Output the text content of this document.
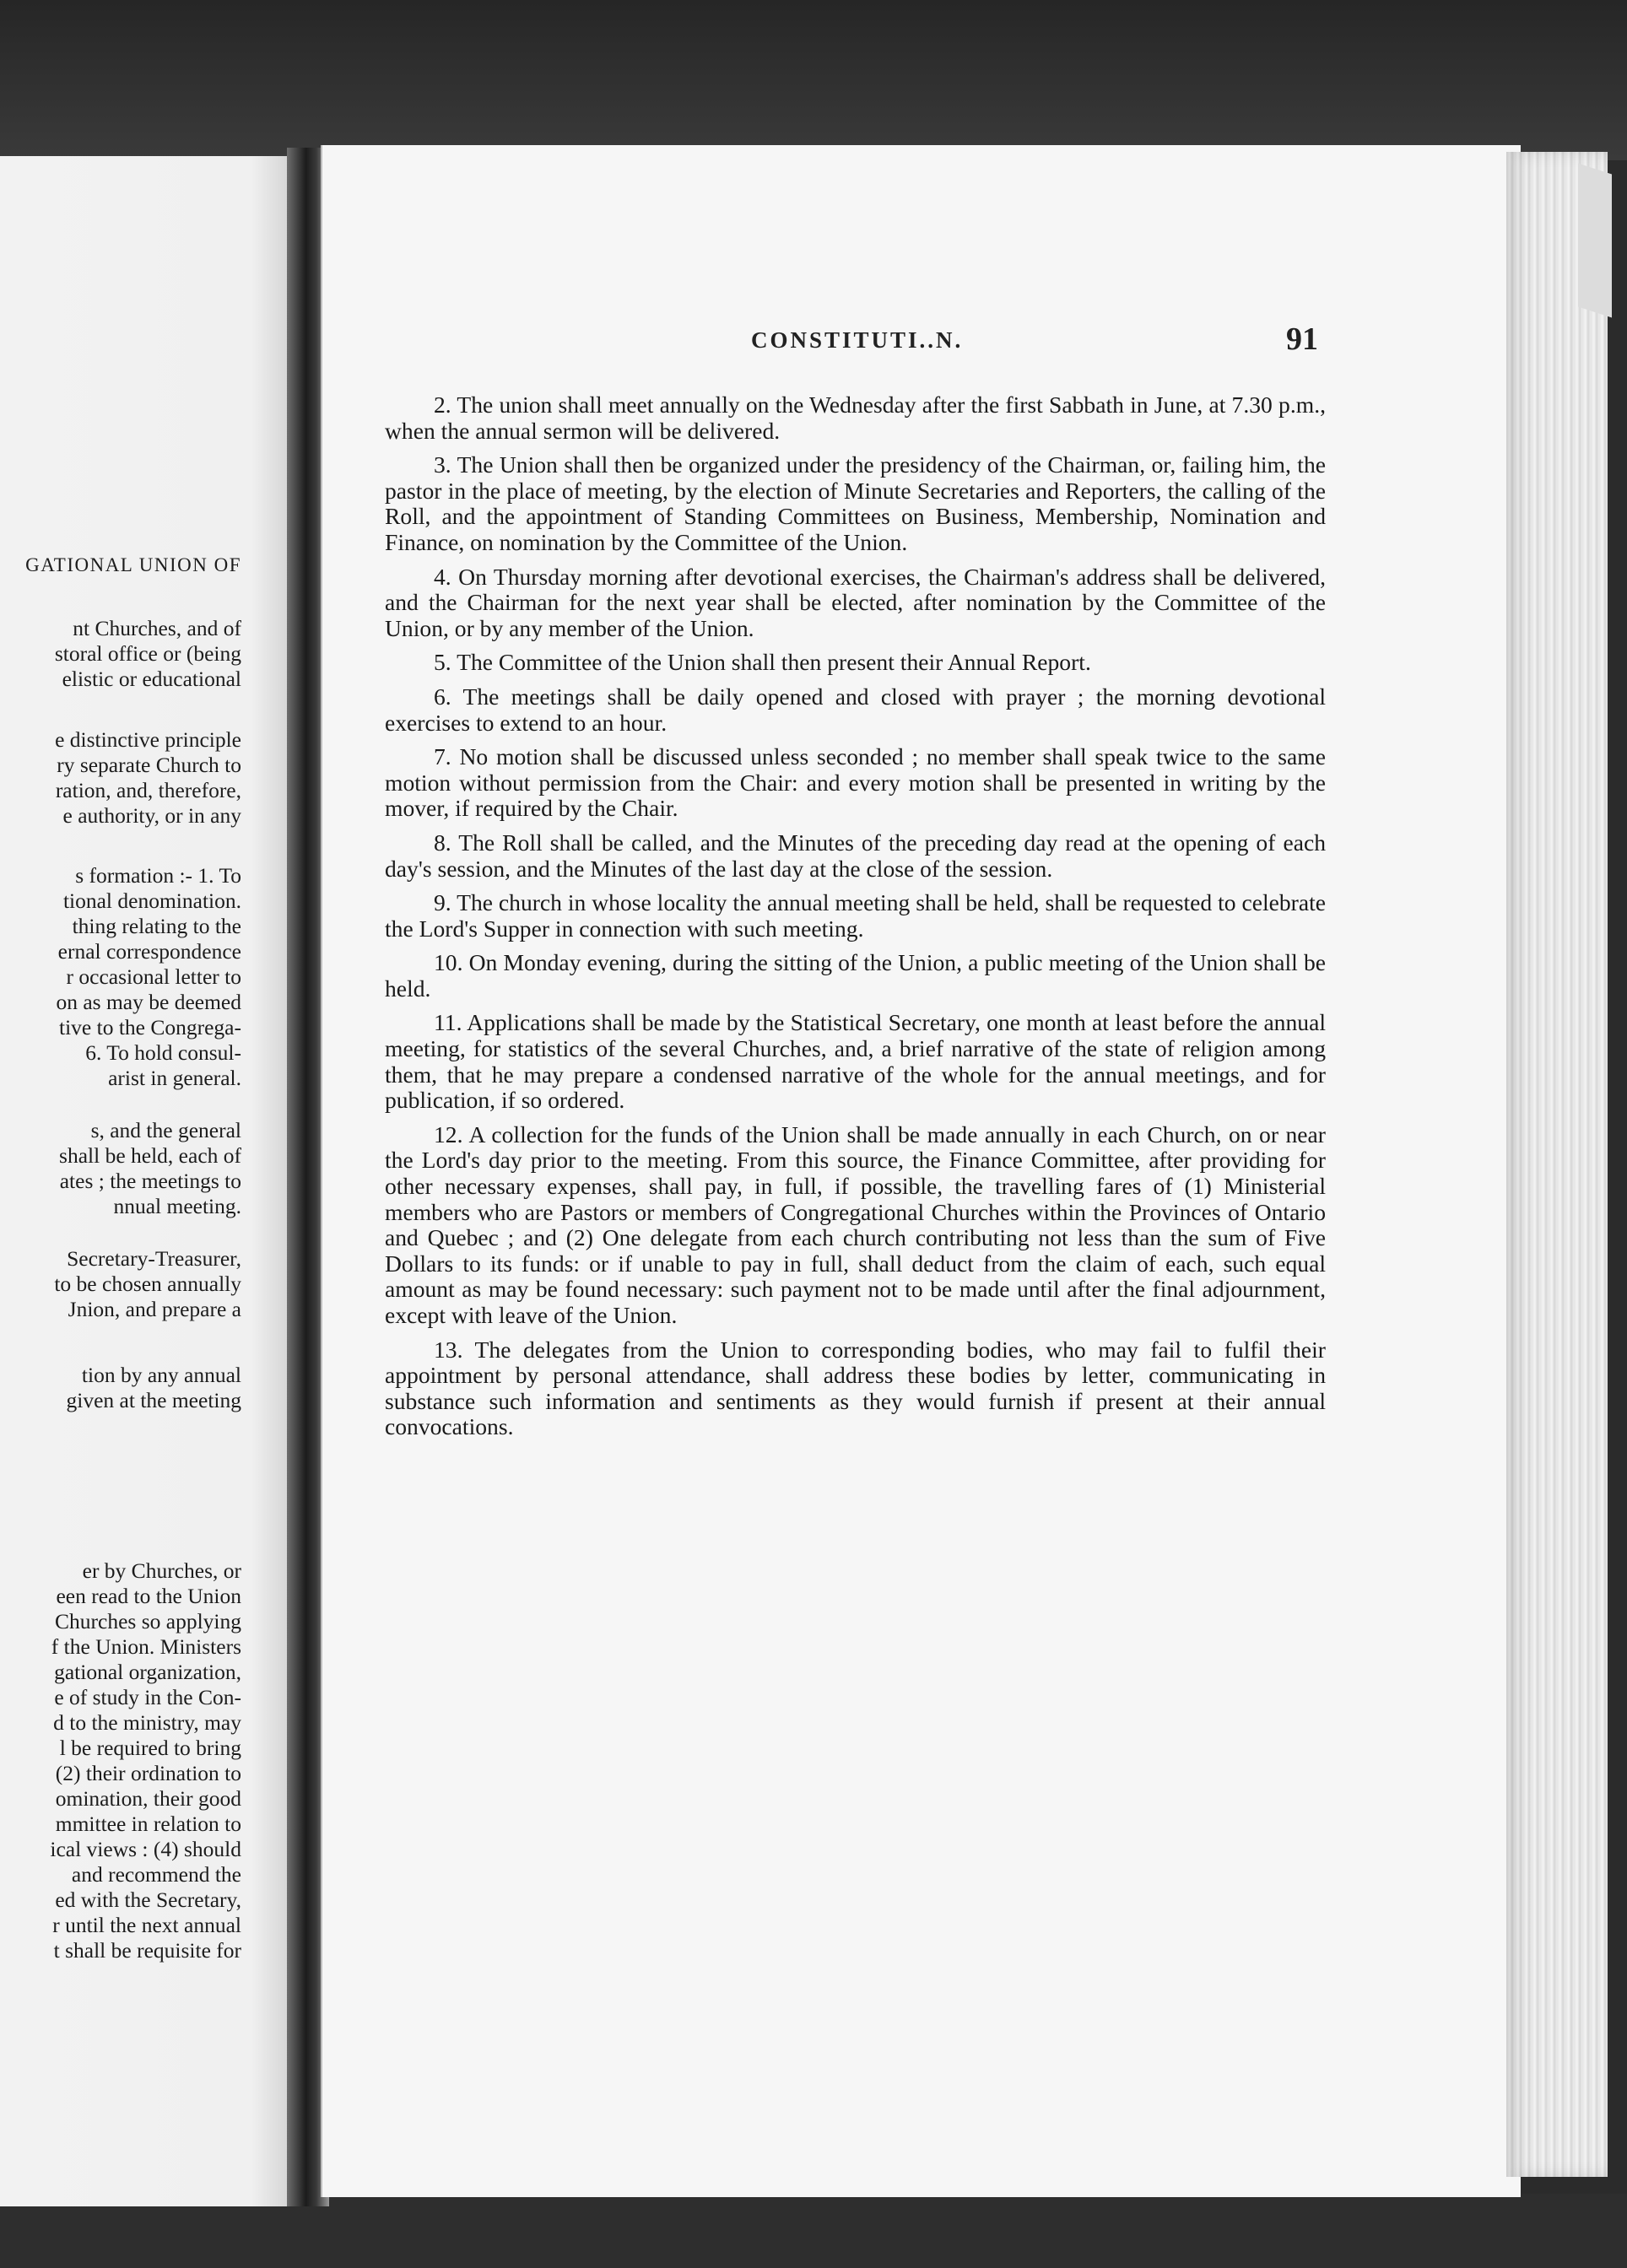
GATIONAL UNION OF
nt Churches, and of
storal office or (being
elistic or educational
e distinctive principle
ry separate Church to
ration, and, therefore,
e authority, or in any
s formation :- 1. To
tional denomination.
thing relating to the
ernal correspondence
r occasional letter to
on as may be deemed
tive to the Congrega-
6. To hold consul-
arist in general.
s, and the general
shall be held, each of
ates ; the meetings to
nnual meeting.
Secretary-Treasurer,
to be chosen annually
Jnion, and prepare a
tion by any annual
given at the meeting
er by Churches, or
een read to the Union
Churches so applying
f the Union. Ministers
gational organization,
e of study in the Con-
d to the ministry, may
l be required to bring
(2) their ordination to
omination, their good
mmittee in relation to
ical views : (4) should
and recommend the
ed with the Secretary,
r until the next annual
t shall be requisite for
CONSTITUTI..N.	91

2. The union shall meet annually on the Wednesday after the first Sabbath in June, at 7.30 p.m., when the annual sermon will be delivered.

3. The Union shall then be organized under the presidency of the Chairman, or, failing him, the pastor in the place of meeting, by the election of Minute Secretaries and Reporters, the calling of the Roll, and the appointment of Standing Committees on Business, Membership, Nomination and Finance, on nomination by the Committee of the Union.

4. On Thursday morning after devotional exercises, the Chairman's address shall be delivered, and the Chairman for the next year shall be elected, after nomination by the Committee of the Union, or by any member of the Union.

5. The Committee of the Union shall then present their Annual Report.

6. The meetings shall be daily opened and closed with prayer ; the morning devotional exercises to extend to an hour.

7. No motion shall be discussed unless seconded ; no member shall speak twice to the same motion without permission from the Chair: and every motion shall be presented in writing by the mover, if required by the Chair.

8. The Roll shall be called, and the Minutes of the preceding day read at the opening of each day's session, and the Minutes of the last day at the close of the session.

9. The church in whose locality the annual meeting shall be held, shall be requested to celebrate the Lord's Supper in connection with such meeting.

10. On Monday evening, during the sitting of the Union, a public meeting of the Union shall be held.

11. Applications shall be made by the Statistical Secretary, one month at least before the annual meeting, for statistics of the several Churches, and, a brief narrative of the state of religion among them, that he may prepare a condensed narrative of the whole for the annual meetings, and for publication, if so ordered.

12. A collection for the funds of the Union shall be made annually in each Church, on or near the Lord's day prior to the meeting. From this source, the Finance Committee, after providing for other necessary expenses, shall pay, in full, if possible, the travelling fares of (1) Ministerial members who are Pastors or members of Congregational Churches within the Provinces of Ontario and Quebec ; and (2) One delegate from each church contributing not less than the sum of Five Dollars to its funds: or if unable to pay in full, shall deduct from the claim of each, such equal amount as may be found necessary: such payment not to be made until after the final adjournment, except with leave of the Union.

13. The delegates from the Union to corresponding bodies, who may fail to fulfil their appointment by personal attendance, shall address these bodies by letter, communicating in substance such information and sentiments as they would furnish if present at their annual convocations.
